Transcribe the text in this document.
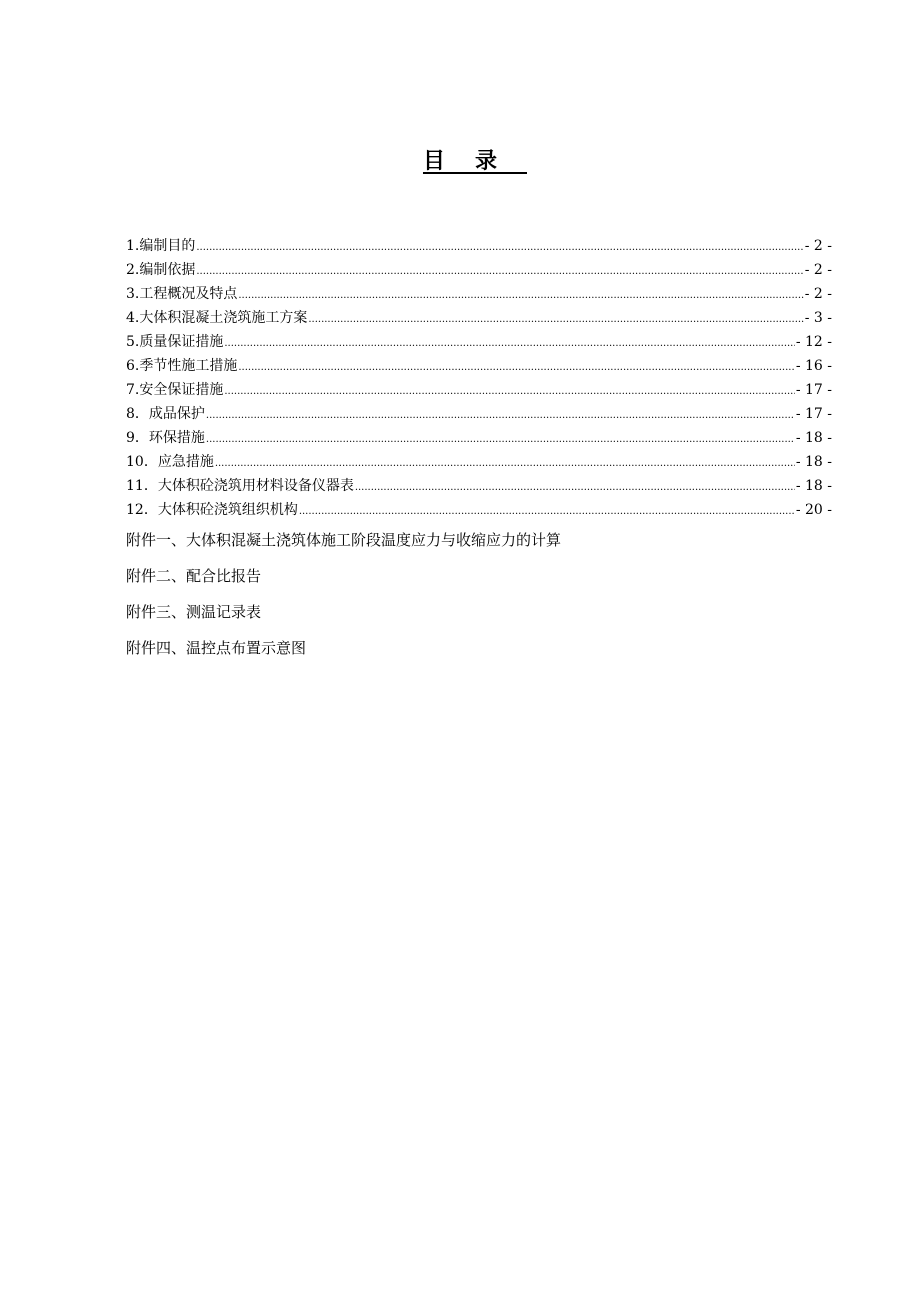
目录
1.编制目的 .....	- 2 -
2.编制依据 .....	- 2 -
3.工程概况及特点 .....	- 2 -
4.大体积混凝土浇筑施工方案 .....	- 3 -
5.质量保证措施 .....	- 12 -
6.季节性施工措施 .....	- 16 -
7.安全保证措施 .....	- 17 -
8．成品保护 .....	- 17 -
9．环保措施 .....	- 18 -
10．应急措施 .....	- 18 -
11．大体积砼浇筑用材料设备仪器表 .....	- 18 -
12．大体积砼浇筑组织机构 .....	- 20 -
附件一、大体积混凝土浇筑体施工阶段温度应力与收缩应力的计算
附件二、配合比报告
附件三、测温记录表
附件四、温控点布置示意图
